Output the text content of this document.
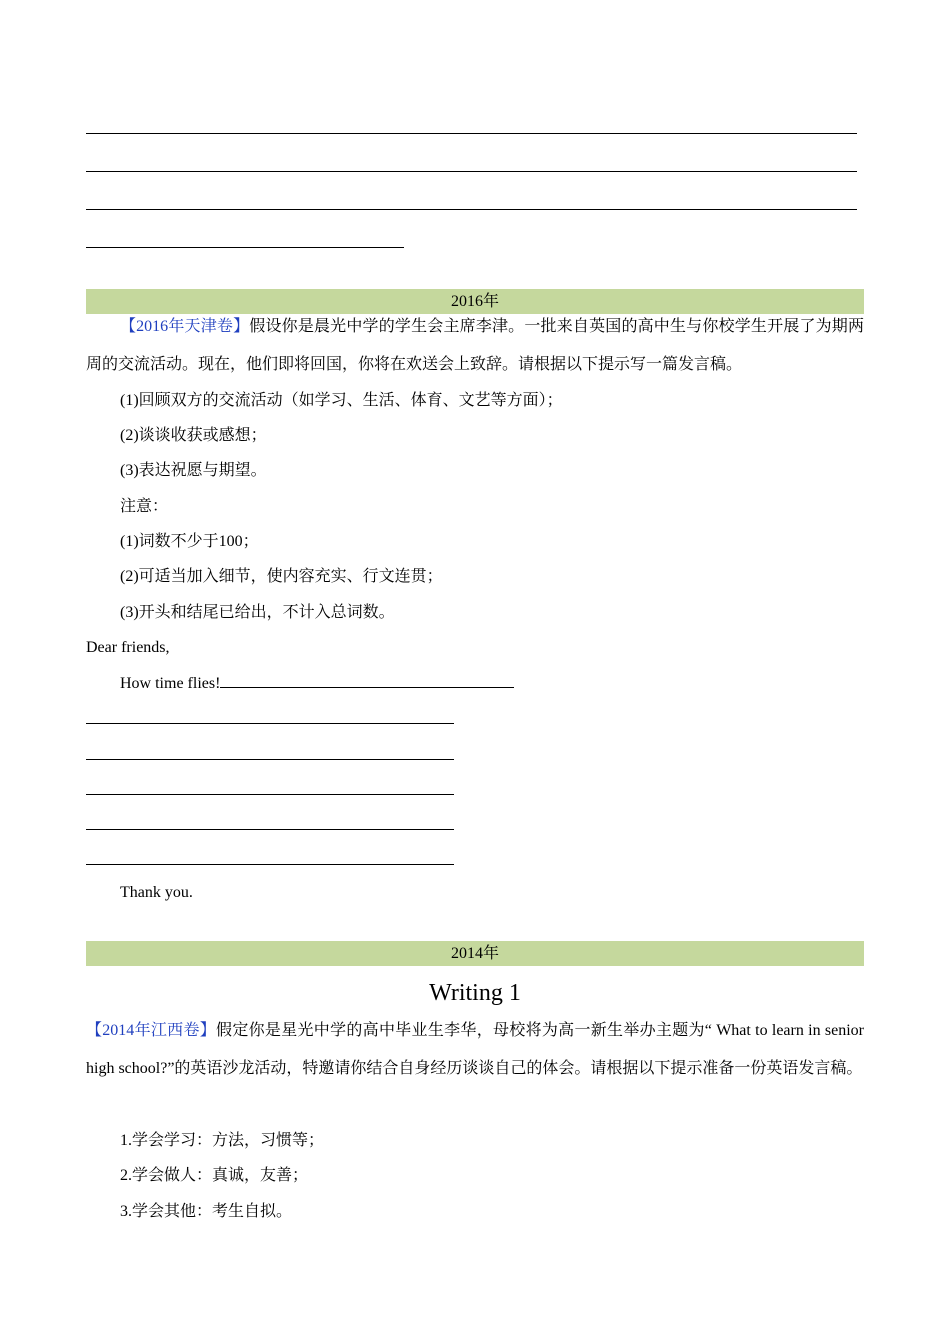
2016年
【2016年天津卷】假设你是晨光中学的学生会主席李津。一批来自英国的高中生与你校学生开展了为期两周的交流活动。现在，他们即将回国，你将在欢送会上致辞。请根据以下提示写一篇发言稿。
(1)回顾双方的交流活动（如学习、生活、体育、文艺等方面）；
(2)谈谈收获或感想；
(3)表达祝愿与期望。
注意：
(1)词数不少于100；
(2)可适当加入细节，使内容充实、行文连贯；
(3)开头和结尾已给出，不计入总词数。
Dear friends,
How time flies!
Thank you.
2014年
Writing 1
【2014年江西卷】假定你是星光中学的高中毕业生李华，母校将为高一新生举办主题为“ What to learn in senior high school?”的英语沙龙活动，特邀请你结合自身经历谈谈自己的体会。请根据以下提示准备一份英语发言稿。
1.学会学习：方法，习惯等；
2.学会做人：真诚，友善；
3.学会其他：考生自拟。
